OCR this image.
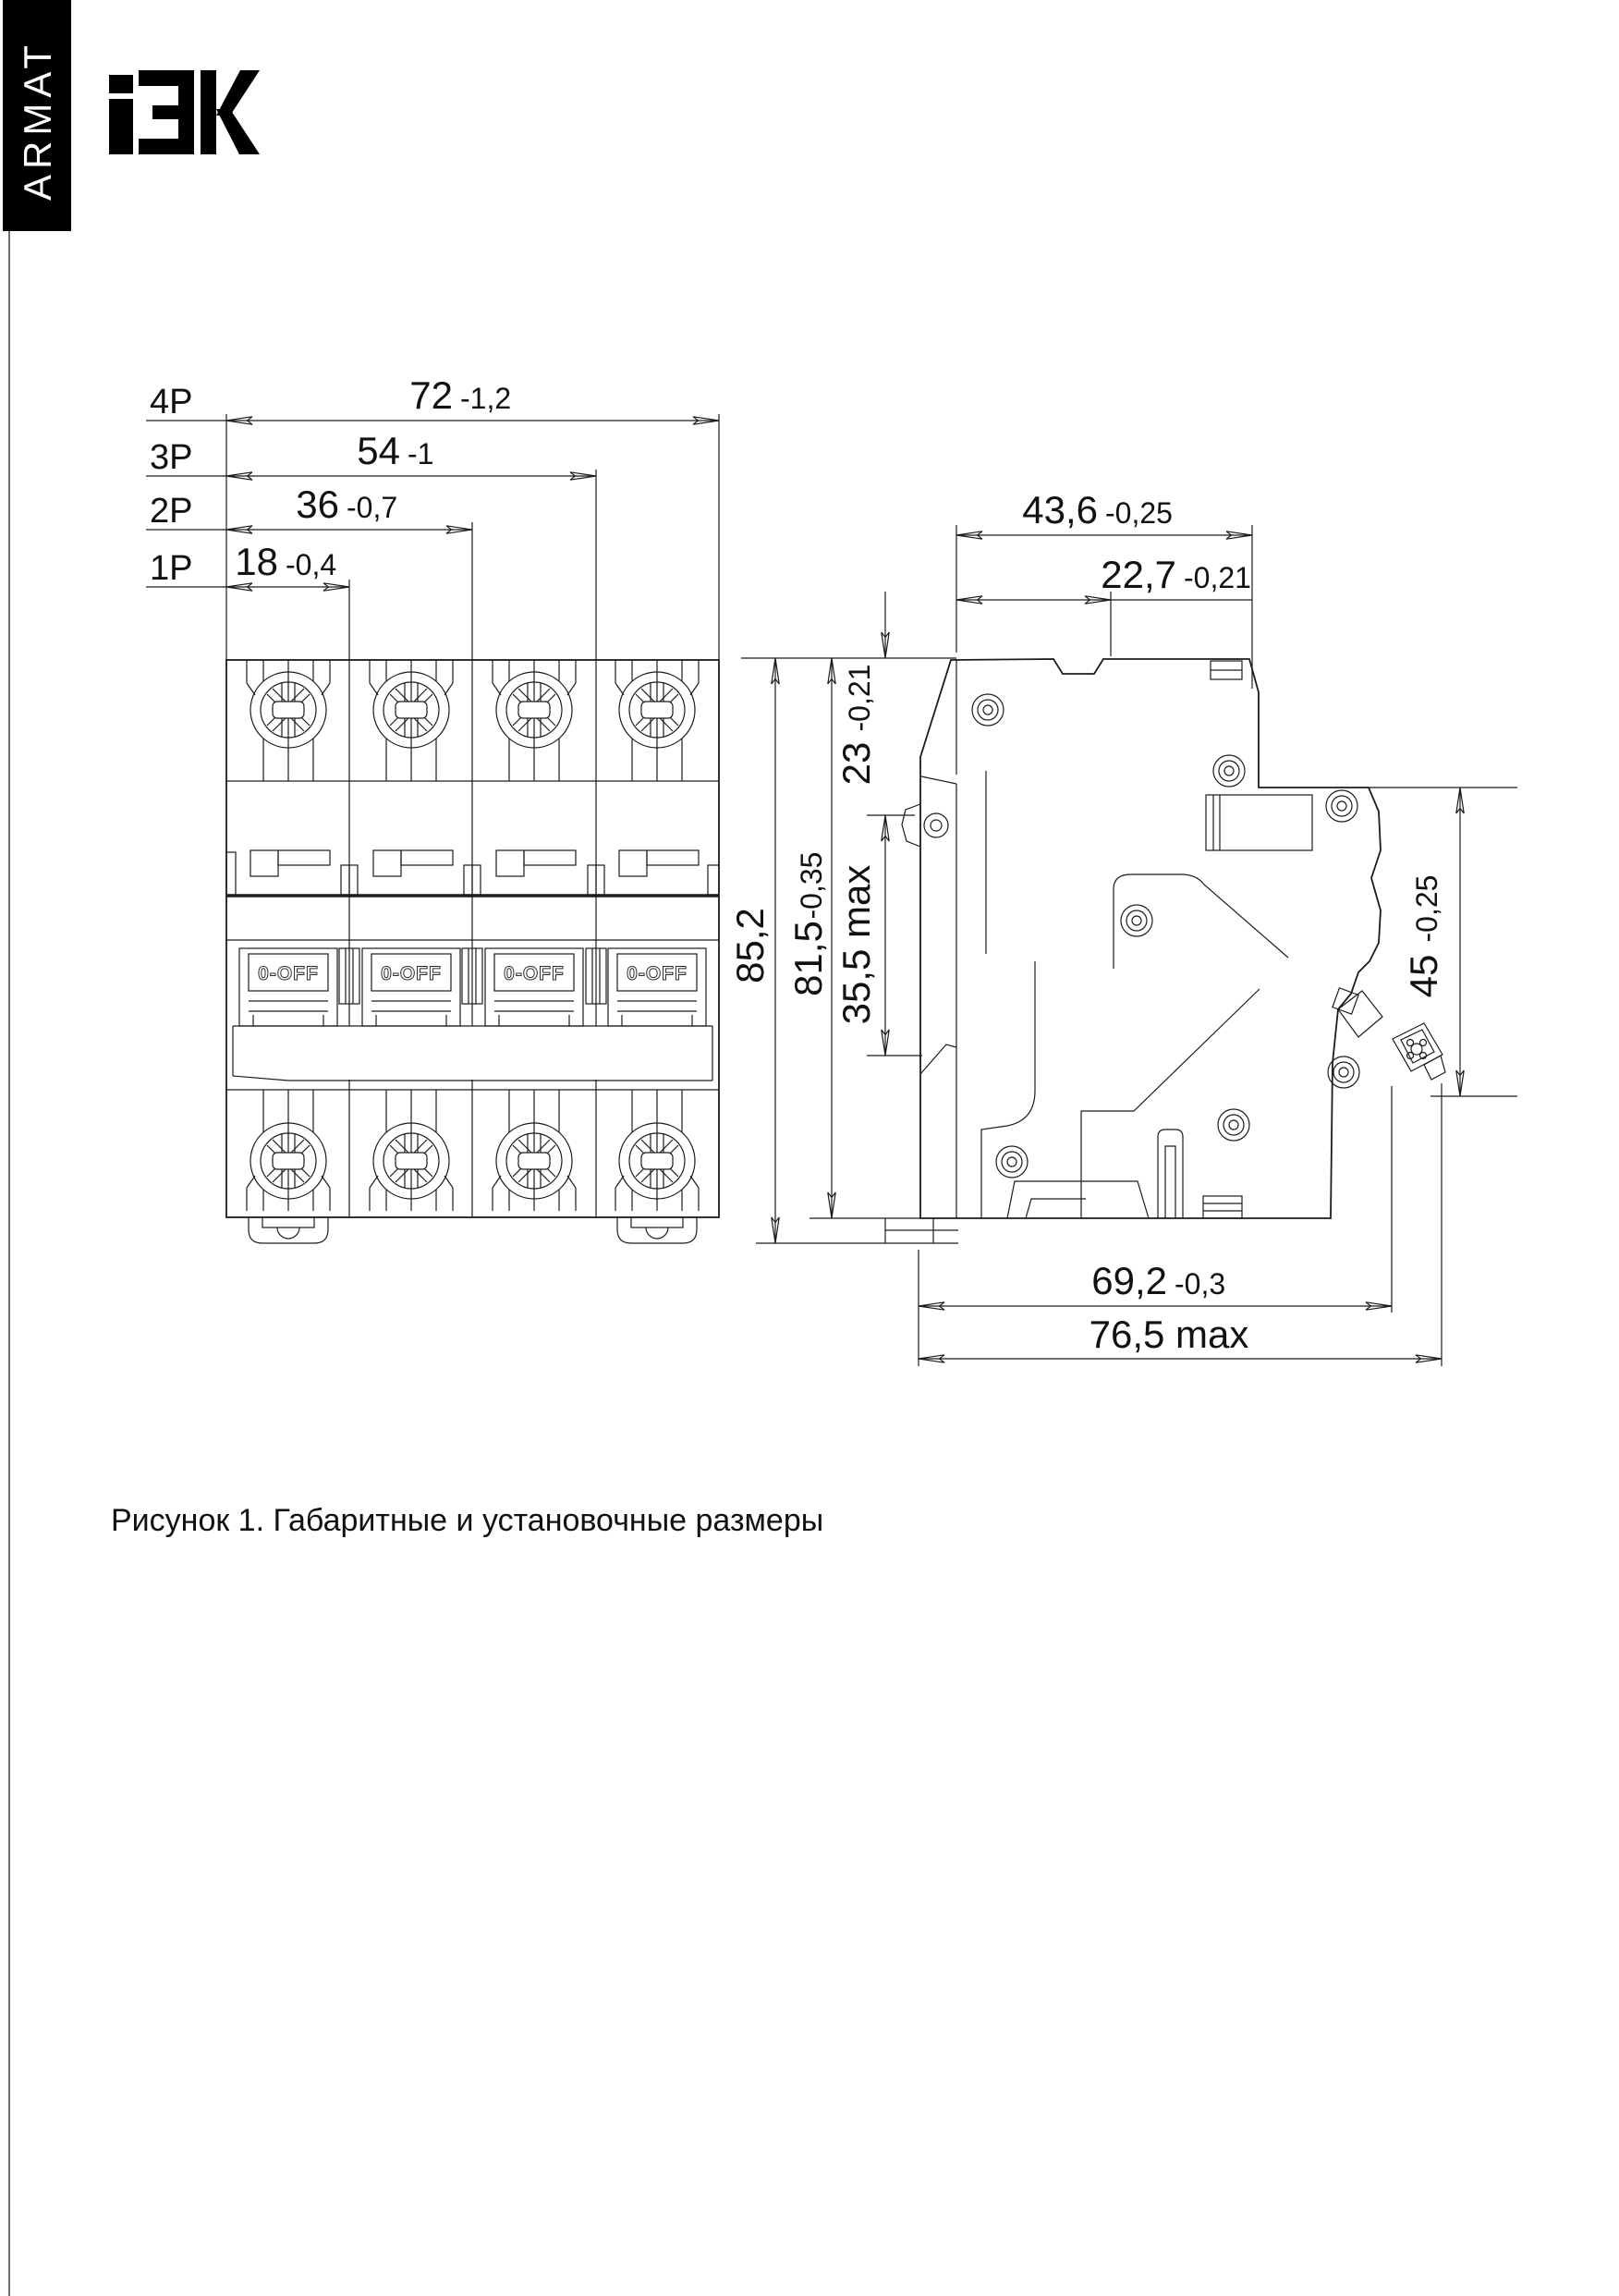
ARMAT
0-OFF	0-OFF	0-OFF	0-OFF
4P
3P
2P
1P
72 -1,2
54 -1
36 -0,7
18 -0,4
43,6 -0,25
22,7 -0,21
85,2 81,5
-0,35
23
-0,21
35,5 max	45
-0,25
69,2 -0,3
76,5 max
Рисунок 1. Габаритные и установочные размеры
